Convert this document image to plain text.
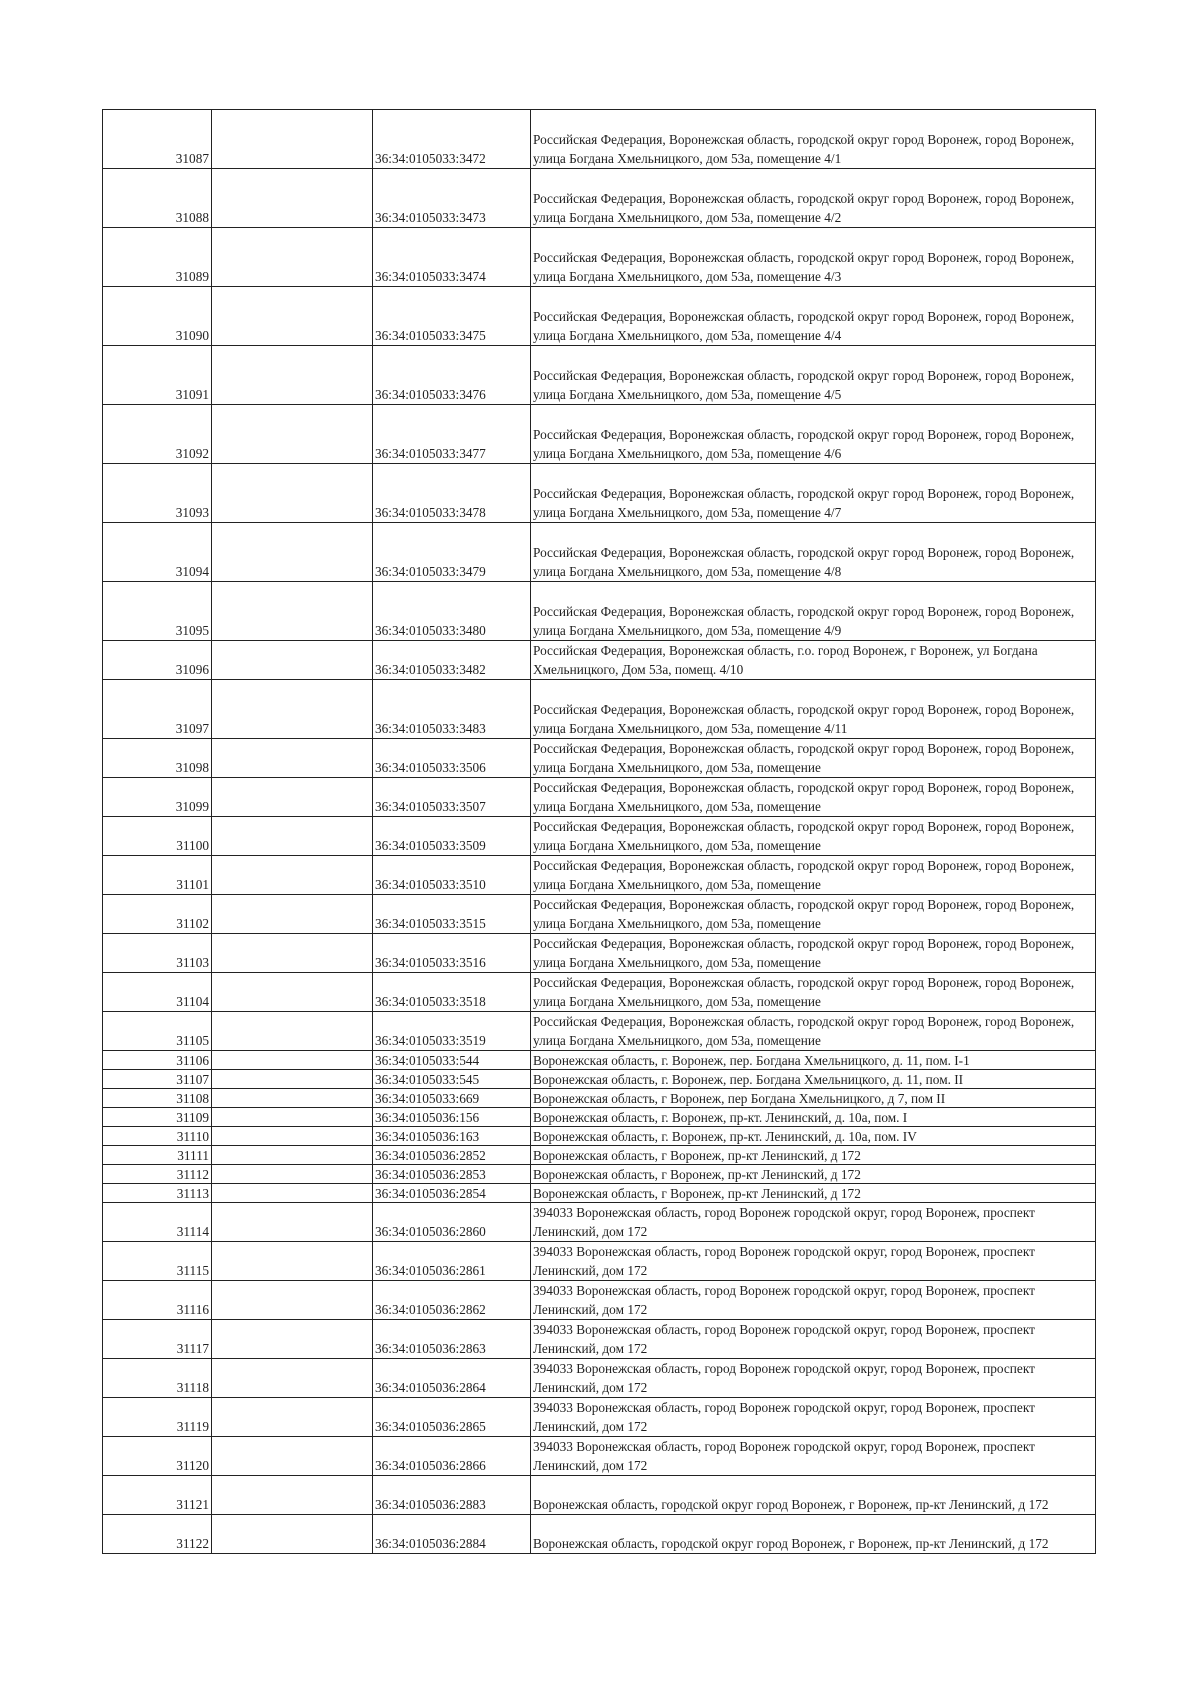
31087		36:34:0105033:3472	Российская Федерация, Воронежская область, городской округ город Воронеж, город Воронеж, улица Богдана Хмельницкого, дом 53а, помещение 4/1
31088		36:34:0105033:3473	Российская Федерация, Воронежская область, городской округ город Воронеж, город Воронеж, улица Богдана Хмельницкого, дом 53а, помещение 4/2
31089		36:34:0105033:3474	Российская Федерация, Воронежская область, городской округ город Воронеж, город Воронеж, улица Богдана Хмельницкого, дом 53а, помещение 4/3
31090		36:34:0105033:3475	Российская Федерация, Воронежская область, городской округ город Воронеж, город Воронеж, улица Богдана Хмельницкого, дом 53а, помещение 4/4
31091		36:34:0105033:3476	Российская Федерация, Воронежская область, городской округ город Воронеж, город Воронеж, улица Богдана Хмельницкого, дом 53а, помещение 4/5
31092		36:34:0105033:3477	Российская Федерация, Воронежская область, городской округ город Воронеж, город Воронеж, улица Богдана Хмельницкого, дом 53а, помещение 4/6
31093		36:34:0105033:3478	Российская Федерация, Воронежская область, городской округ город Воронеж, город Воронеж, улица Богдана Хмельницкого, дом 53а, помещение 4/7
31094		36:34:0105033:3479	Российская Федерация, Воронежская область, городской округ город Воронеж, город Воронеж, улица Богдана Хмельницкого, дом 53а, помещение 4/8
31095		36:34:0105033:3480	Российская Федерация, Воронежская область, городской округ город Воронеж, город Воронеж, улица Богдана Хмельницкого, дом 53а, помещение 4/9
31096		36:34:0105033:3482	Российская Федерация, Воронежская область, г.о. город Воронеж, г Воронеж, ул Богдана Хмельницкого, Дом 53а, помещ. 4/10
31097		36:34:0105033:3483	Российская Федерация, Воронежская область, городской округ город Воронеж, город Воронеж, улица Богдана Хмельницкого, дом 53а, помещение 4/11
31098		36:34:0105033:3506	Российская Федерация, Воронежская область, городской округ город Воронеж, город Воронеж, улица Богдана Хмельницкого, дом 53а, помещение
31099		36:34:0105033:3507	Российская Федерация, Воронежская область, городской округ город Воронеж, город Воронеж, улица Богдана Хмельницкого, дом 53а, помещение
31100		36:34:0105033:3509	Российская Федерация, Воронежская область, городской округ город Воронеж, город Воронеж, улица Богдана Хмельницкого, дом 53а, помещение
31101		36:34:0105033:3510	Российская Федерация, Воронежская область, городской округ город Воронеж, город Воронеж, улица Богдана Хмельницкого, дом 53а, помещение
31102		36:34:0105033:3515	Российская Федерация, Воронежская область, городской округ город Воронеж, город Воронеж, улица Богдана Хмельницкого, дом 53а, помещение
31103		36:34:0105033:3516	Российская Федерация, Воронежская область, городской округ город Воронеж, город Воронеж, улица Богдана Хмельницкого, дом 53а, помещение
31104		36:34:0105033:3518	Российская Федерация, Воронежская область, городской округ город Воронеж, город Воронеж, улица Богдана Хмельницкого, дом 53а, помещение
31105		36:34:0105033:3519	Российская Федерация, Воронежская область, городской округ город Воронеж, город Воронеж, улица Богдана Хмельницкого, дом 53а, помещение
31106		36:34:0105033:544	Воронежская область, г. Воронеж, пер. Богдана Хмельницкого, д. 11, пом. I-1
31107		36:34:0105033:545	Воронежская область, г. Воронеж, пер. Богдана Хмельницкого, д. 11, пом. II
31108		36:34:0105033:669	Воронежская область, г Воронеж, пер Богдана Хмельницкого, д 7, пом II
31109		36:34:0105036:156	Воронежская область, г. Воронеж, пр-кт. Ленинский, д. 10а, пом. I
31110		36:34:0105036:163	Воронежская область, г. Воронеж, пр-кт. Ленинский, д. 10а, пом. IV
31111		36:34:0105036:2852	Воронежская область, г Воронеж, пр-кт Ленинский, д 172
31112		36:34:0105036:2853	Воронежская область, г Воронеж, пр-кт Ленинский, д 172
31113		36:34:0105036:2854	Воронежская область, г Воронеж, пр-кт Ленинский, д 172
31114		36:34:0105036:2860	394033 Воронежская область, город Воронеж городской округ, город Воронеж, проспект Ленинский, дом 172
31115		36:34:0105036:2861	394033 Воронежская область, город Воронеж городской округ, город Воронеж, проспект Ленинский, дом 172
31116		36:34:0105036:2862	394033 Воронежская область, город Воронеж городской округ, город Воронеж, проспект Ленинский, дом 172
31117		36:34:0105036:2863	394033 Воронежская область, город Воронеж городской округ, город Воронеж, проспект Ленинский, дом 172
31118		36:34:0105036:2864	394033 Воронежская область, город Воронеж городской округ, город Воронеж, проспект Ленинский, дом 172
31119		36:34:0105036:2865	394033 Воронежская область, город Воронеж городской округ, город Воронеж, проспект Ленинский, дом 172
31120		36:34:0105036:2866	394033 Воронежская область, город Воронеж городской округ, город Воронеж, проспект Ленинский, дом 172
31121		36:34:0105036:2883	Воронежская область, городской округ город Воронеж, г Воронеж, пр-кт Ленинский, д 172
31122		36:34:0105036:2884	Воронежская область, городской округ город Воронеж, г Воронеж, пр-кт Ленинский, д 172
